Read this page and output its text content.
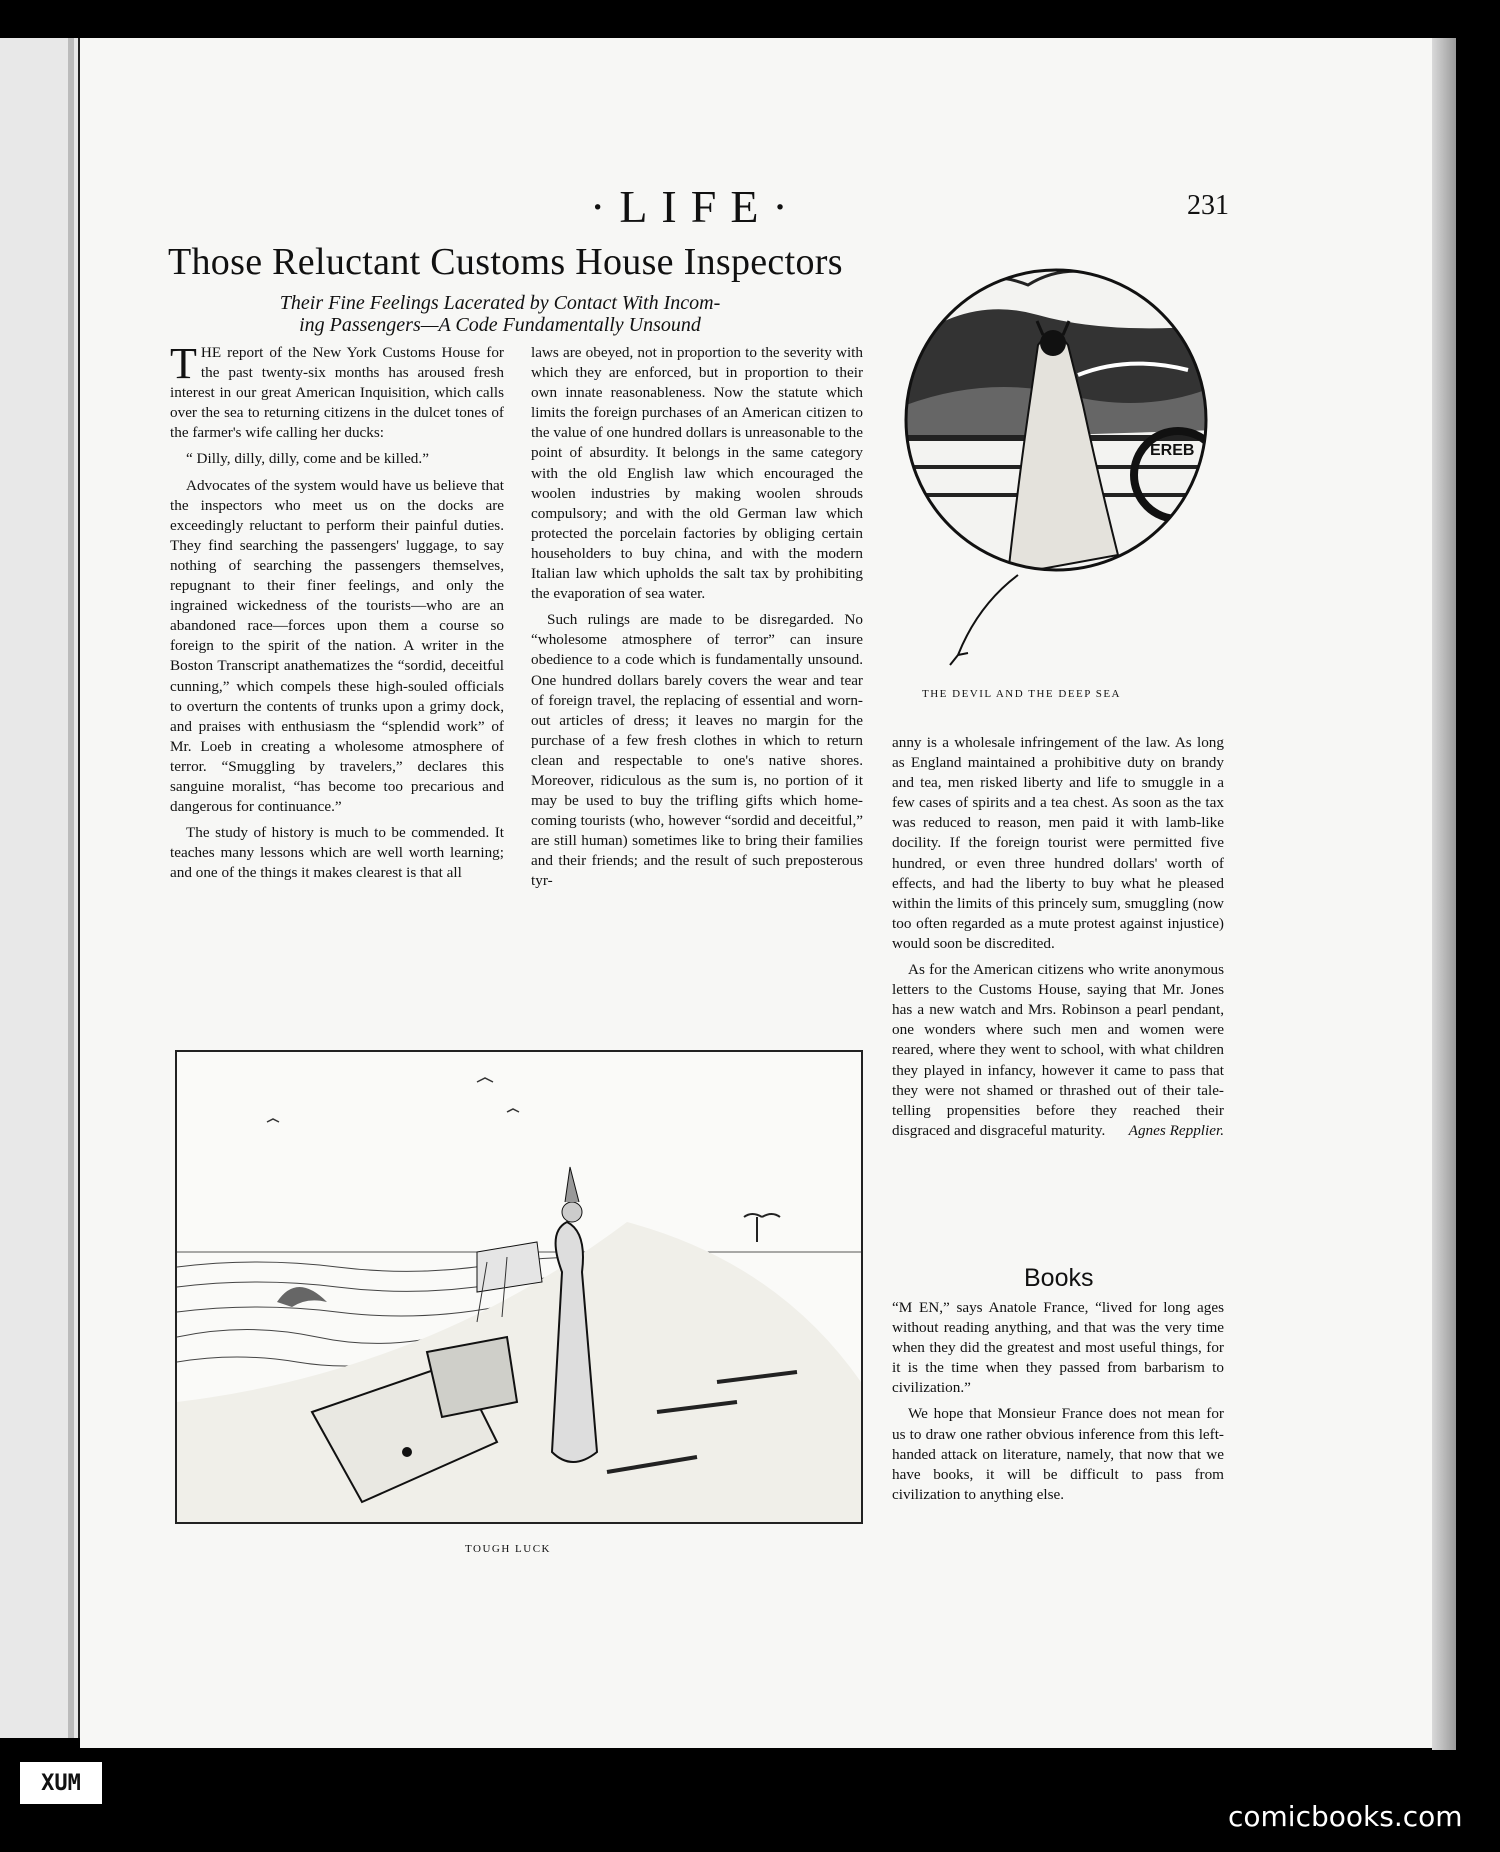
·LIFE·	231
Those Reluctant Customs House Inspectors
Their Fine Feelings Lacerated by Contact With Incom-
ing Passengers—A Code Fundamentally Unsound

THE report of the New York Customs House for the past twenty-six months has aroused fresh interest in our great American Inquisition, which calls over the sea to returning citizens in the dulcet tones of the farmer's wife calling her ducks:

“ Dilly, dilly, dilly, come and be killed.”

Advocates of the system would have us believe that the inspectors who meet us on the docks are exceedingly reluctant to perform their painful duties. They find searching the passengers' luggage, to say nothing of searching the passengers themselves, repugnant to their finer feelings, and only the ingrained wickedness of the tourists—who are an abandoned race—forces upon them a course so foreign to the spirit of the nation. A writer in the Boston Transcript anathematizes the “sordid, deceitful cunning,” which compels these high-souled officials to overturn the contents of trunks upon a grimy dock, and praises with enthusiasm the “splendid work” of Mr. Loeb in creating a wholesome atmosphere of terror. “Smuggling by travelers,” declares this sanguine moralist, “has become too precarious and dangerous for continuance.”

The study of history is much to be commended. It teaches many lessons which are well worth learning; and one of the things it makes clearest is that all

laws are obeyed, not in proportion to the severity with which they are enforced, but in proportion to their own innate reasonableness. Now the statute which limits the foreign purchases of an American citizen to the value of one hundred dollars is unreasonable to the point of absurdity. It belongs in the same category with the old English law which encouraged the woolen industries by making woolen shrouds compulsory; and with the old German law which protected the porcelain factories by obliging certain householders to buy china, and with the modern Italian law which upholds the salt tax by prohibiting the evaporation of sea water.

Such rulings are made to be disregarded. No “wholesome atmosphere of terror” can insure obedience to a code which is fundamentally unsound. One hundred dollars barely covers the wear and tear of foreign travel, the replacing of essential and worn-out articles of dress; it leaves no margin for the purchase of a few fresh clothes in which to return clean and respectable to one's native shores. Moreover, ridiculous as the sum is, no portion of it may be used to buy the trifling gifts which home-coming tourists (who, however “sordid and deceitful,” are still human) sometimes like to bring their families and their friends; and the result of such preposterous tyr-

EREB
THE DEVIL AND THE DEEP SEA

anny is a wholesale infringement of the law. As long as England maintained a prohibitive duty on brandy and tea, men risked liberty and life to smuggle in a few cases of spirits and a tea chest. As soon as the tax was reduced to reason, men paid it with lamb-like docility. If the foreign tourist were permitted five hundred, or even three hundred dollars' worth of effects, and had the liberty to buy what he pleased within the limits of this princely sum, smuggling (now too often regarded as a mute protest against injustice) would soon be discredited.

As for the American citizens who write anonymous letters to the Customs House, saying that Mr. Jones has a new watch and Mrs. Robinson a pearl pendant, one wonders where such men and women were reared, where they went to school, with what children they played in infancy, however it came to pass that they were not shamed or thrashed out of their tale-telling propensities before they reached their disgraced and disgraceful maturity.	Agnes Repplier.

TOUGH LUCK
Books

“M EN,” says Anatole France, “lived for long ages without reading anything, and that was the very time when they did the greatest and most useful things, for it is the time when they passed from barbarism to civilization.”

We hope that Monsieur France does not mean for us to draw one rather obvious inference from this left-handed attack on literature, namely, that now that we have books, it will be difficult to pass from civilization to anything else.

XUM
comicbooks.com
